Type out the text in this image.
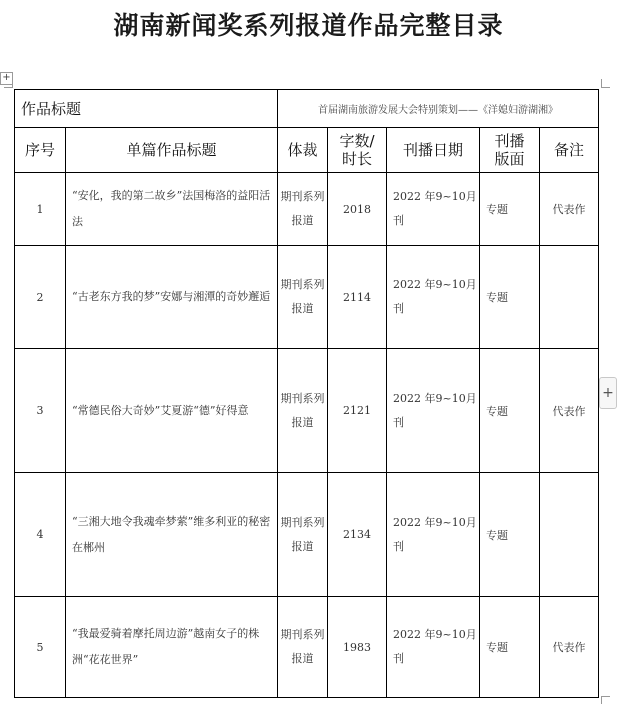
湖南新闻奖系列报道作品完整目录
+
作品标题		首届湖南旅游发展大会特别策划——《洋媳妇游湖湘》				
序号	单篇作品标题	体裁	字数/时长	刊播日期	刊播版面	备注
1	“安化，我的第二故乡”法国梅洛的益阳活法	期刊系列报道	2018	2022 年9~10月刊	专题	代表作
2	“古老东方我的梦”安娜与湘潭的奇妙邂逅	期刊系列报道	2114	2022 年9~10月刊	专题	
3	“常德民俗大奇妙”艾夏游“德”好得意	期刊系列报道	2121	2022 年9~10月刊	专题	代表作
4	“三湘大地令我魂牵梦萦”维多利亚的秘密在郴州	期刊系列报道	2134	2022 年9~10月刊	专题	
5	“我最爱骑着摩托周边游”越南女子的株洲“花花世界”	期刊系列报道	1983	2022 年9~10月刊	专题	代表作
+
